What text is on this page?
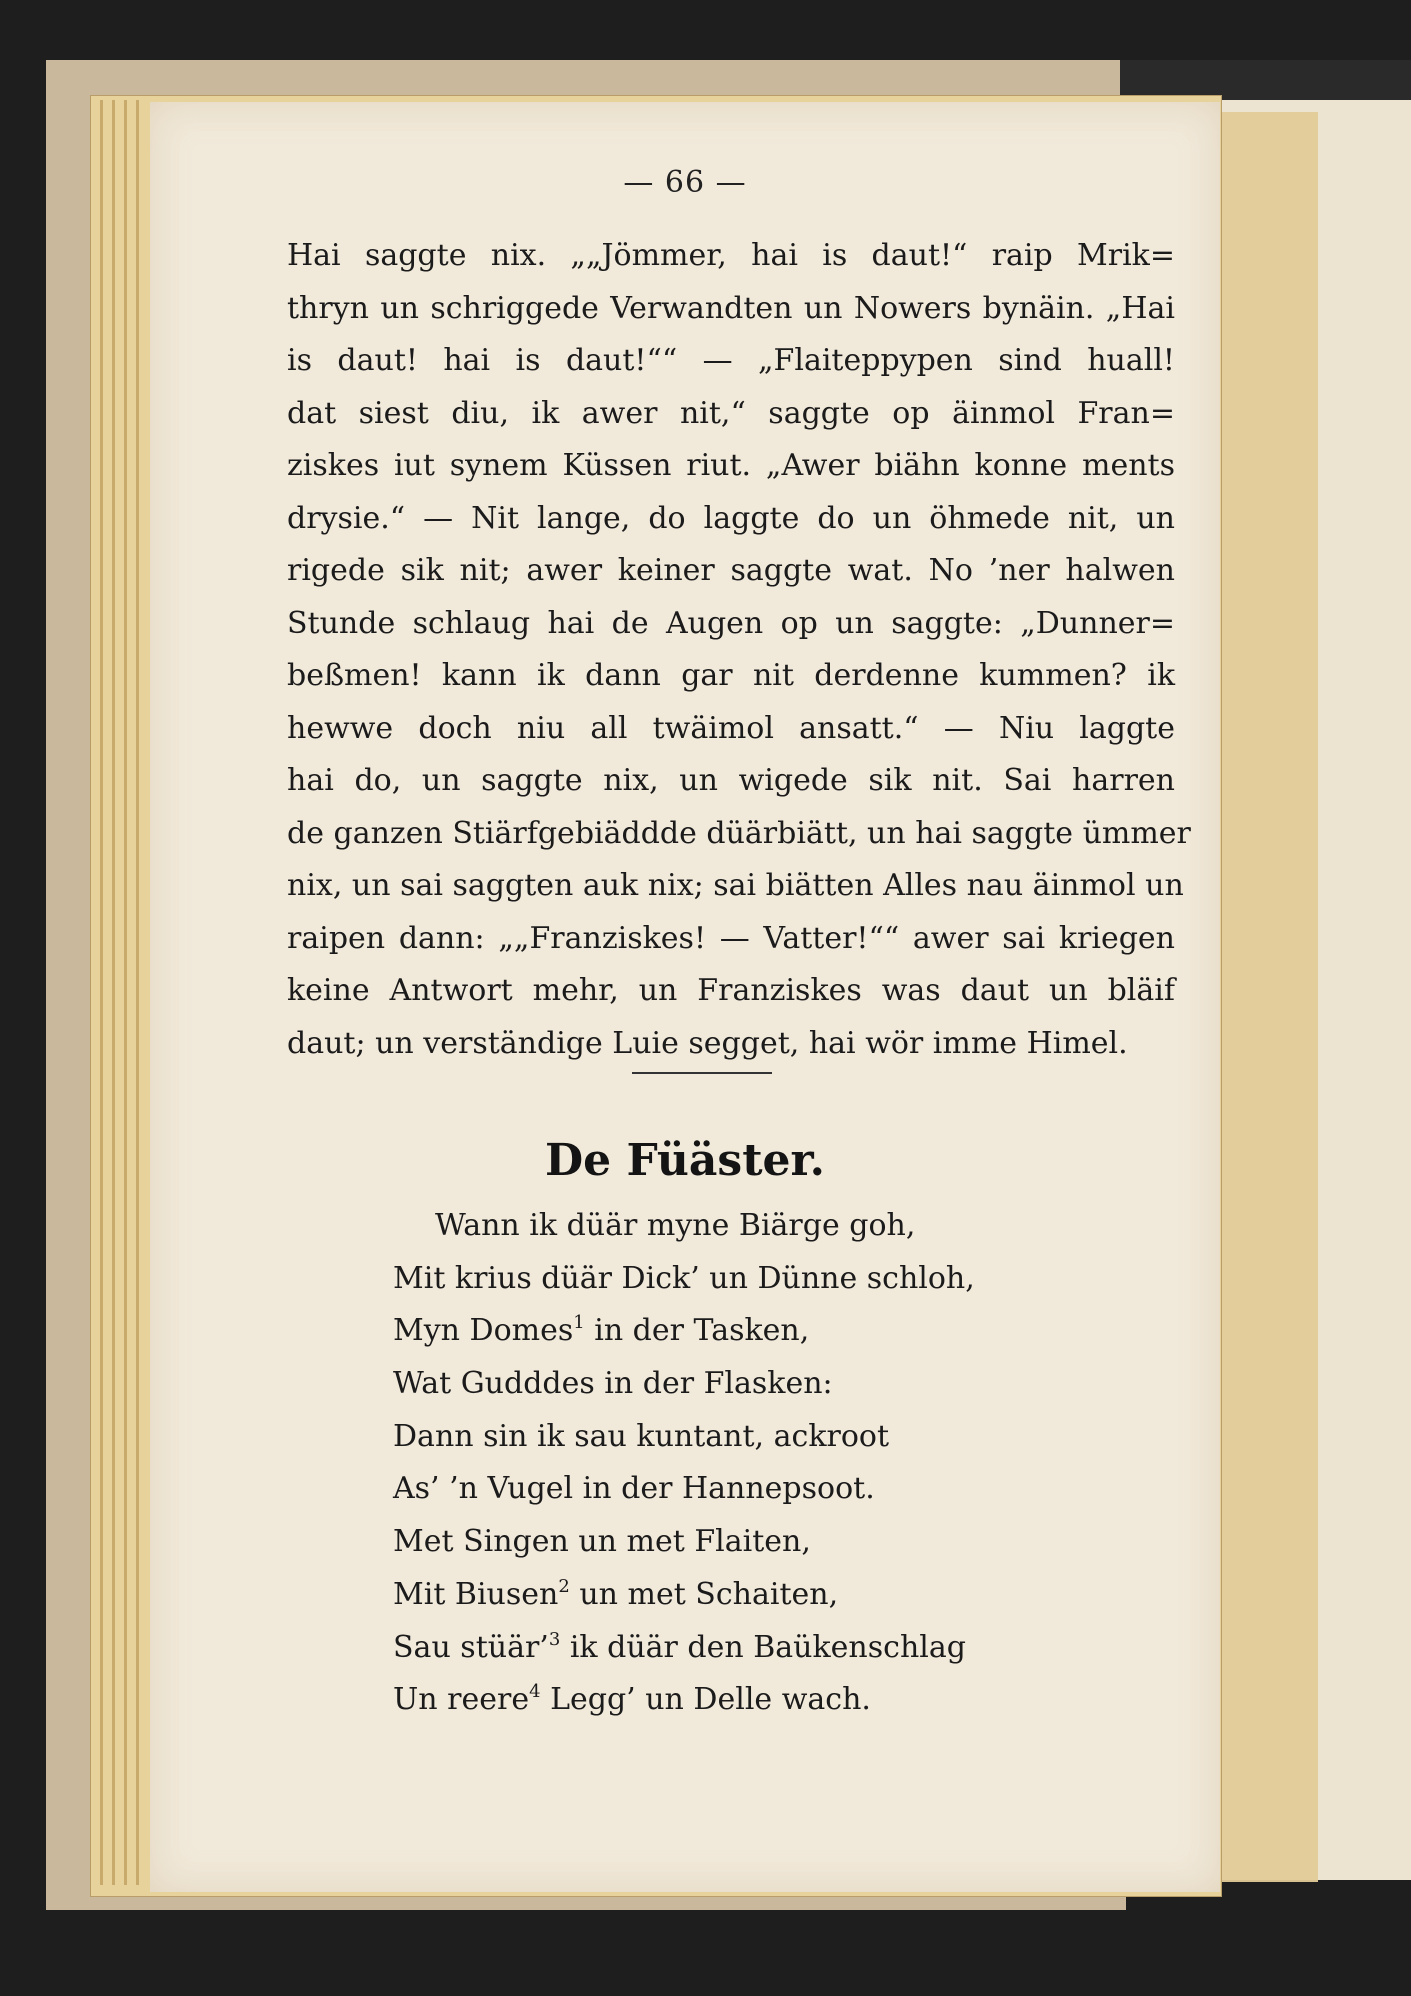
— 66 —
Hai saggte nix. „„Jömmer, hai is daut!“ raip Mrik=
thryn un schriggede Verwandten un Nowers bynäin. „Hai
is daut! hai is daut!““ — „Flaiteppypen sind huall!
dat siest diu, ik awer nit,“ saggte op äinmol Fran=
ziskes iut synem Küssen riut. „Awer biähn konne ments
drysie.“ — Nit lange, do laggte do un öhmede nit, un
rigede sik nit; awer keiner saggte wat. No ’ner halwen
Stunde schlaug hai de Augen op un saggte: „Dunner=
beßmen! kann ik dann gar nit derdenne kummen? ik
hewwe doch niu all twäimol ansatt.“ — Niu laggte
hai do, un saggte nix, un wigede sik nit. Sai harren
de ganzen Stiärfgebiäddde düärbiätt, un hai saggte ümmer
nix, un sai saggten auk nix; sai biätten Alles nau äinmol un
raipen dann: „„Franziskes! — Vatter!““ awer sai kriegen
keine Antwort mehr, un Franziskes was daut un bläif
daut; un verständige Luie segget, hai wör imme Himel.
De Füäster.
Wann ik düär myne Biärge goh,
Mit krius düär Dick’ un Dünne schloh,
Myn Domes$^1$ in der Tasken,
Wat Gudddes in der Flasken:
Dann sin ik sau kuntant, ackroot
As’ ’n Vugel in der Hannepsoot.
Met Singen un met Flaiten,
Mit Biusen$^2$ un met Schaiten,
Sau stüär’$^3$ ik düär den Baükenschlag
Un reere$^4$ Legg’ un Delle wach.
